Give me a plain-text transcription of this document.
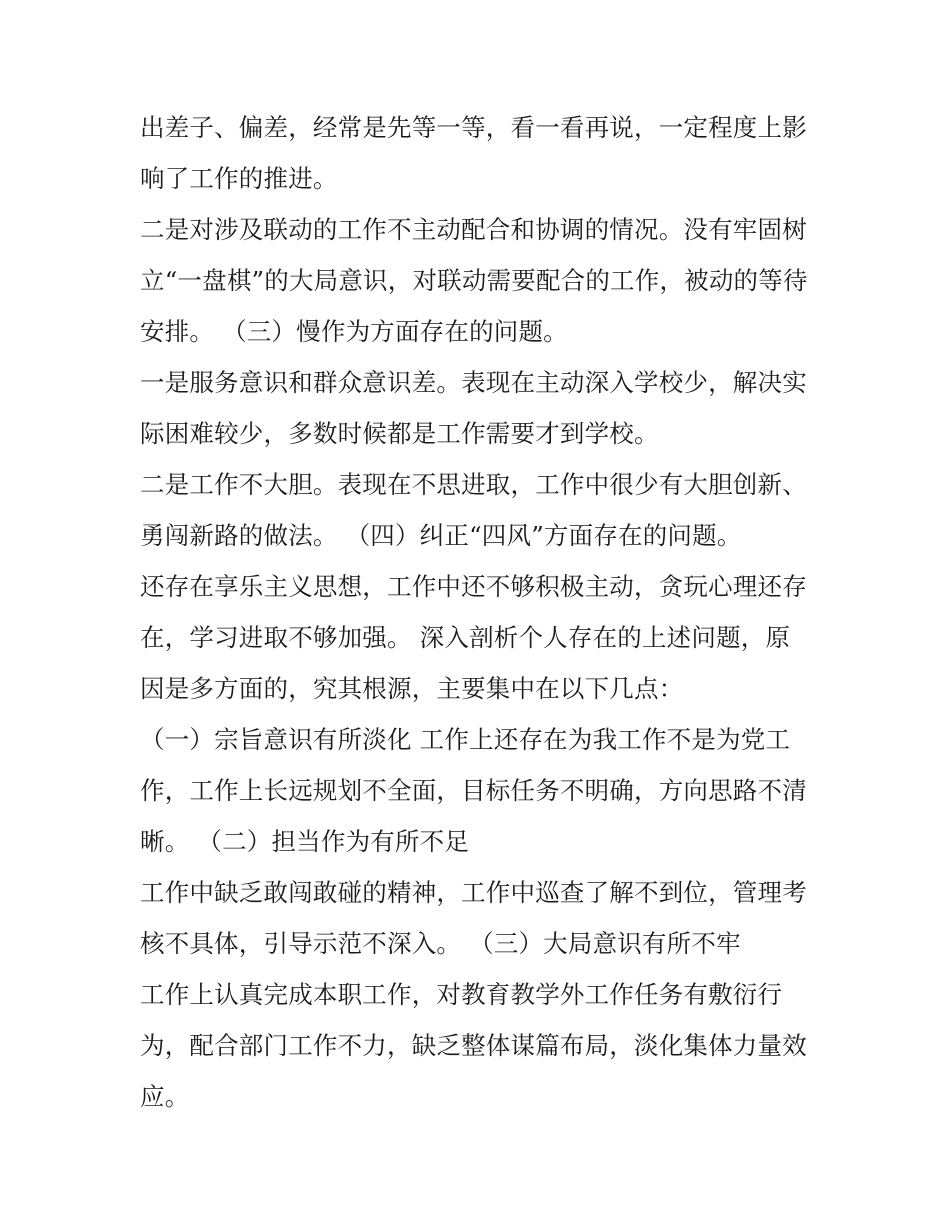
出差子、偏差，经常是先等一等，看一看再说，一定程度上影
响了工作的推进。
二是对涉及联动的工作不主动配合和协调的情况。没有牢固树
立“一盘棋”的大局意识，对联动需要配合的工作，被动的等待
安排。 （三）慢作为方面存在的问题。
一是服务意识和群众意识差。表现在主动深入学校少，解决实
际困难较少，多数时候都是工作需要才到学校。
二是工作不大胆。表现在不思进取，工作中很少有大胆创新、
勇闯新路的做法。 （四）纠正“四风”方面存在的问题。
还存在享乐主义思想，工作中还不够积极主动，贪玩心理还存
在，学习进取不够加强。 深入剖析个人存在的上述问题，原
因是多方面的，究其根源，主要集中在以下几点：
（一）宗旨意识有所淡化 工作上还存在为我工作不是为党工
作，工作上长远规划不全面，目标任务不明确，方向思路不清
晰。 （二）担当作为有所不足
工作中缺乏敢闯敢碰的精神，工作中巡查了解不到位，管理考
核不具体，引导示范不深入。 （三）大局意识有所不牢
工作上认真完成本职工作，对教育教学外工作任务有敷衍行
为，配合部门工作不力，缺乏整体谋篇布局，淡化集体力量效
应。
